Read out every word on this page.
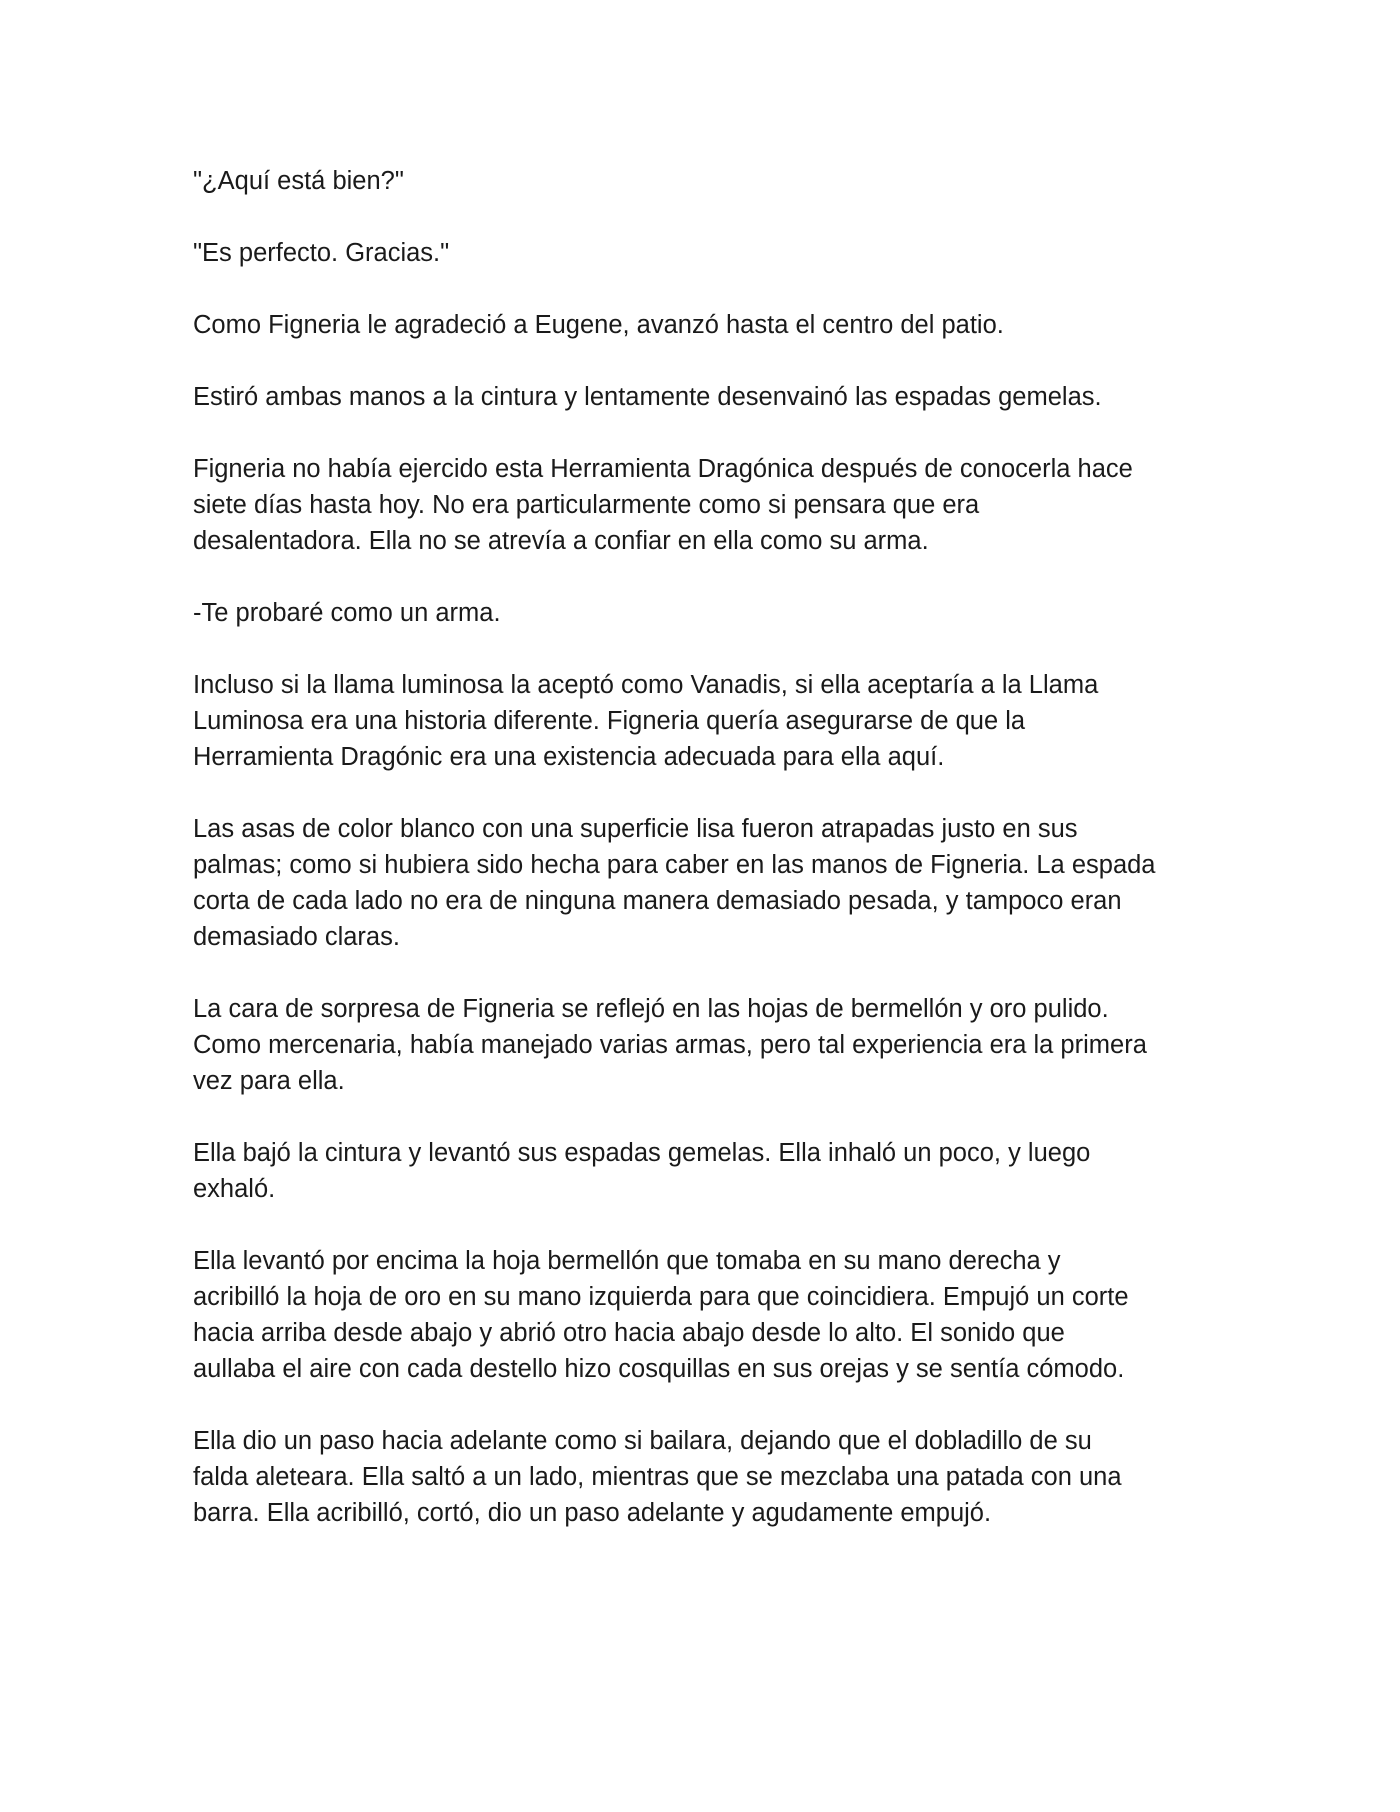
"¿Aquí está bien?"

"Es perfecto. Gracias."

Como Figneria le agradeció a Eugene, avanzó hasta el centro del patio.

Estiró ambas manos a la cintura y lentamente desenvainó las espadas gemelas.

Figneria no había ejercido esta Herramienta Dragónica después de conocerla hace
siete días hasta hoy. No era particularmente como si pensara que era
desalentadora. Ella no se atrevía a confiar en ella como su arma.

-Te probaré como un arma.

Incluso si la llama luminosa la aceptó como Vanadis, si ella aceptaría a la Llama
Luminosa era una historia diferente. Figneria quería asegurarse de que la
Herramienta Dragónic era una existencia adecuada para ella aquí.

Las asas de color blanco con una superficie lisa fueron atrapadas justo en sus
palmas; como si hubiera sido hecha para caber en las manos de Figneria. La espada
corta de cada lado no era de ninguna manera demasiado pesada, y tampoco eran
demasiado claras.

La cara de sorpresa de Figneria se reflejó en las hojas de bermellón y oro pulido.
Como mercenaria, había manejado varias armas, pero tal experiencia era la primera
vez para ella.

Ella bajó la cintura y levantó sus espadas gemelas. Ella inhaló un poco, y luego
exhaló.

Ella levantó por encima la hoja bermellón que tomaba en su mano derecha y
acribilló la hoja de oro en su mano izquierda para que coincidiera. Empujó un corte
hacia arriba desde abajo y abrió otro hacia abajo desde lo alto. El sonido que
aullaba el aire con cada destello hizo cosquillas en sus orejas y se sentía cómodo.

Ella dio un paso hacia adelante como si bailara, dejando que el dobladillo de su
falda aleteara. Ella saltó a un lado, mientras que se mezclaba una patada con una
barra. Ella acribilló, cortó, dio un paso adelante y agudamente empujó.
